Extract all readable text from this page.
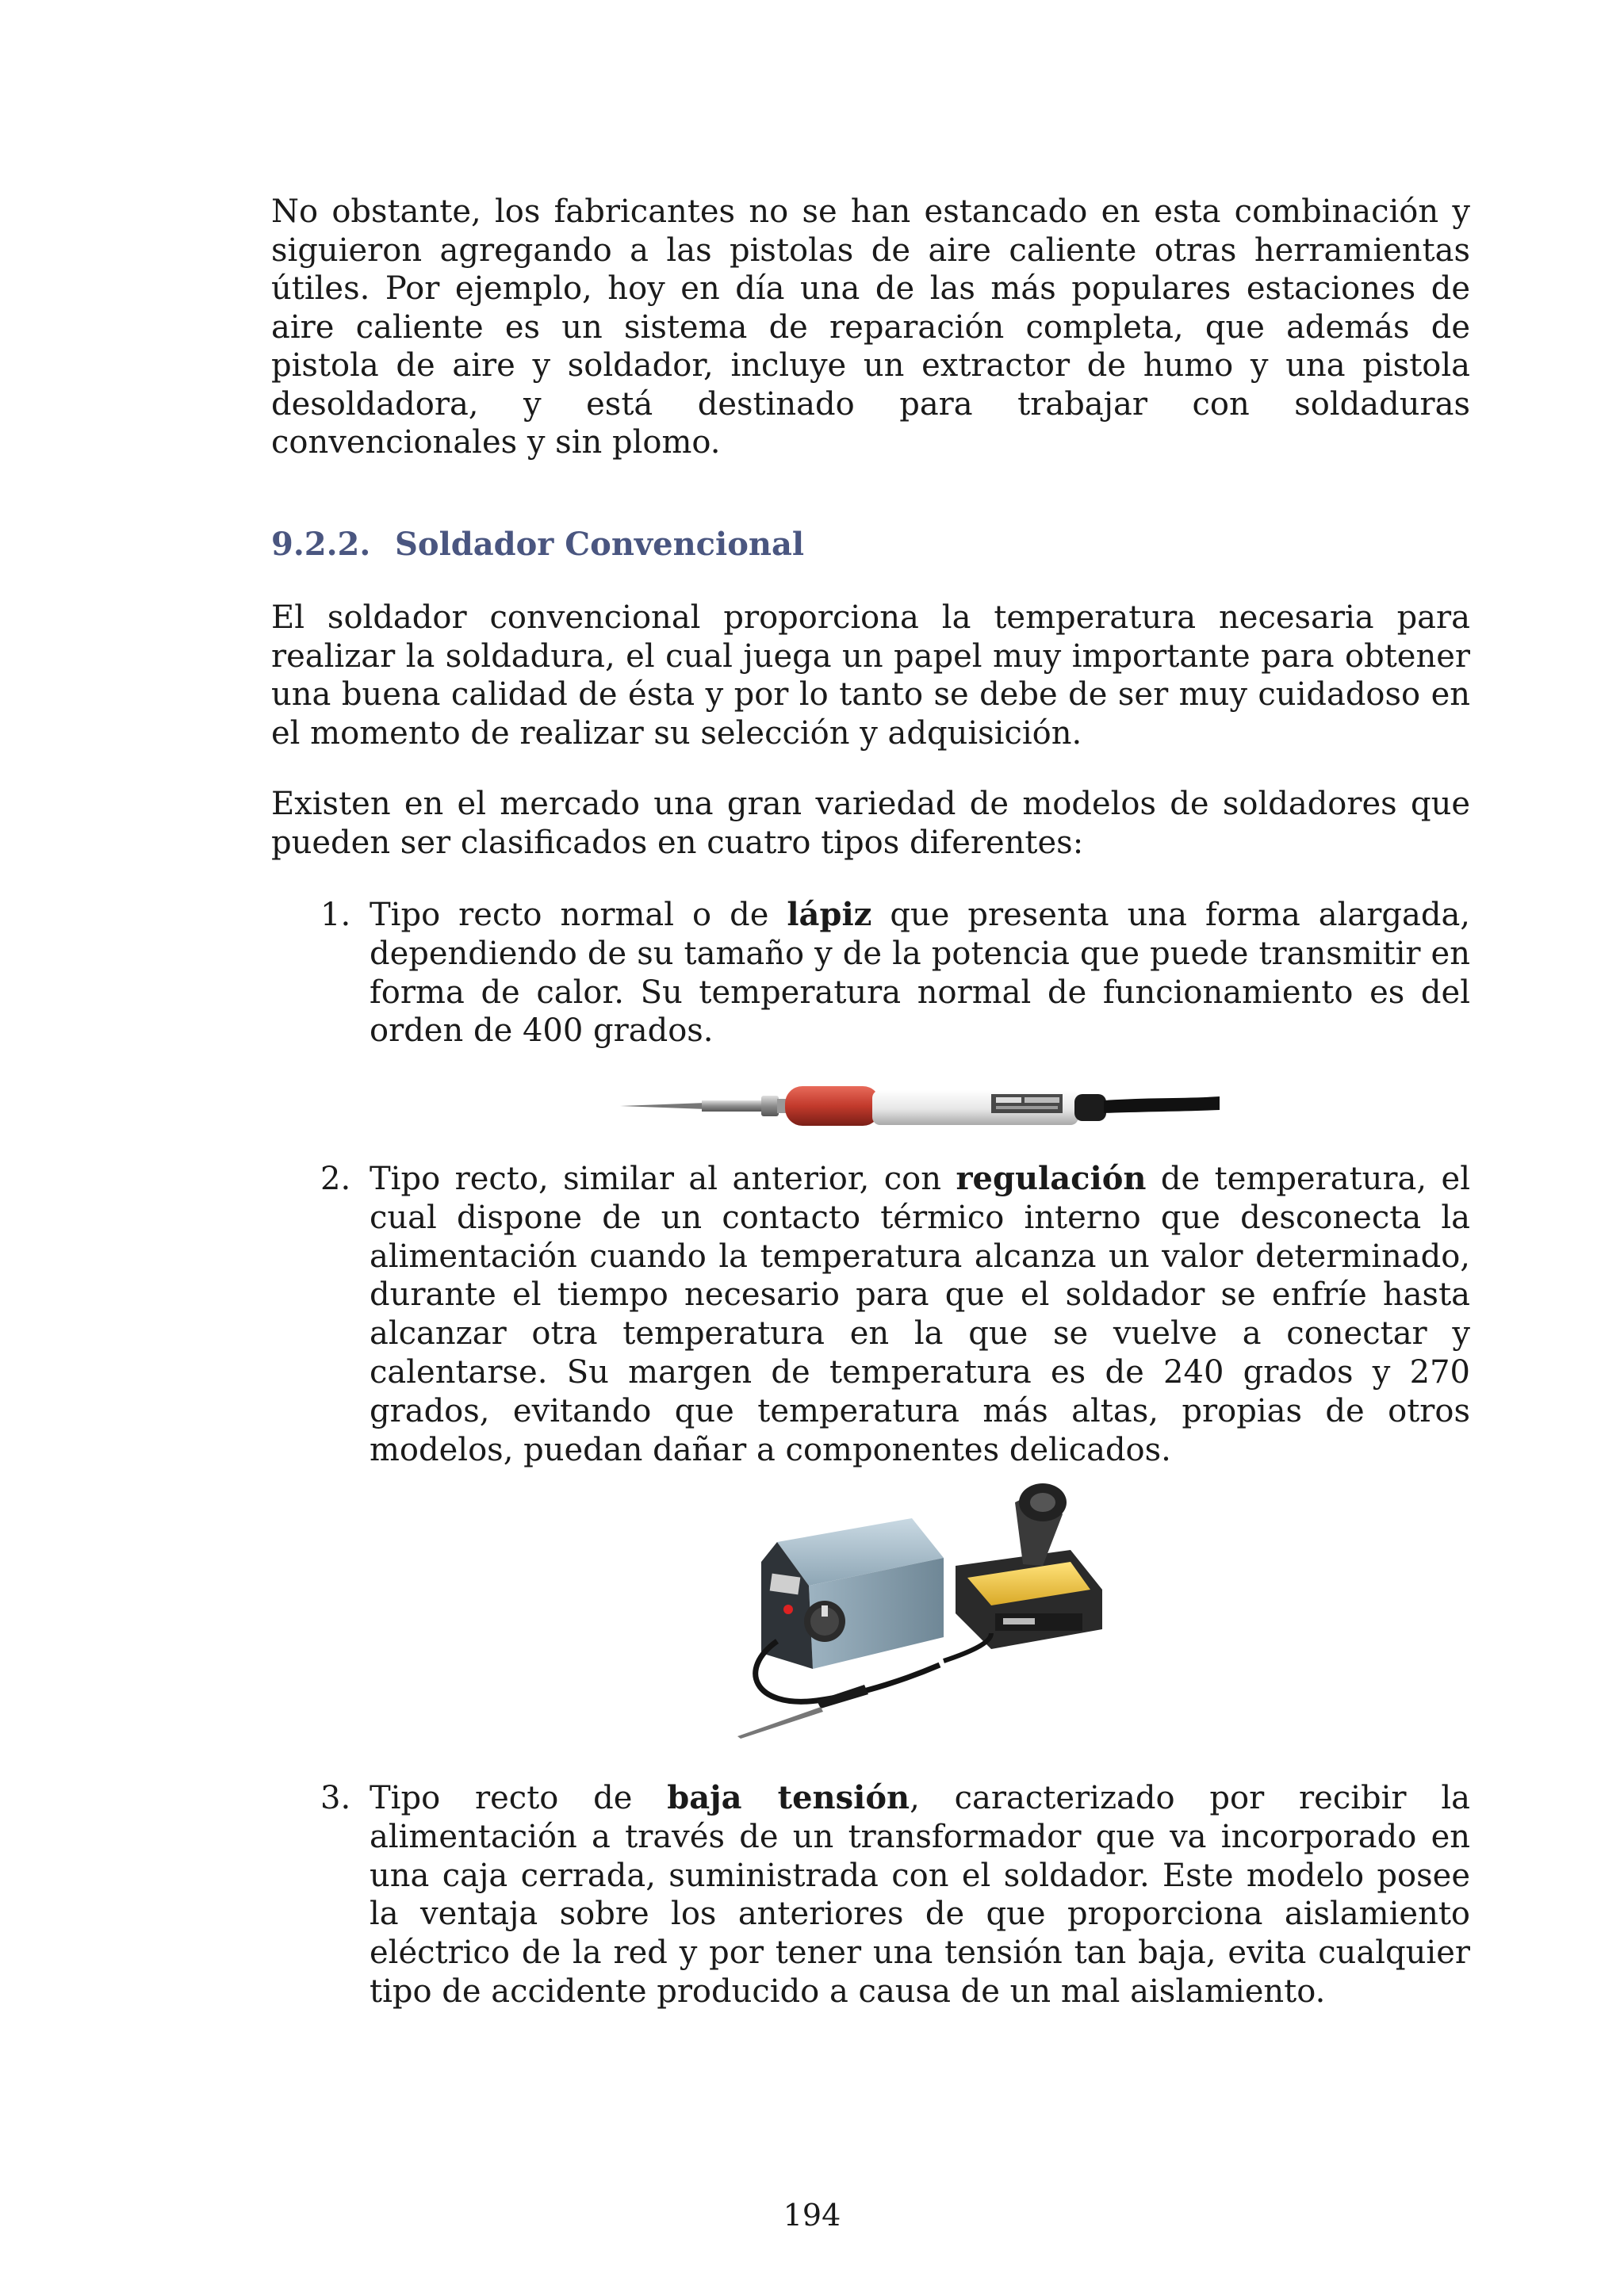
No obstante, los fabricantes no se han estancado en esta combinación y siguieron agregando a las pistolas de aire caliente otras herramientas útiles. Por ejemplo, hoy en día una de las más populares estaciones de aire caliente es un sistema de reparación completa, que además de pistola de aire y soldador, incluye un extractor de humo y una pistola desoldadora, y está destinado para trabajar con soldaduras convencionales y sin plomo.

9.2.2. Soldador Convencional

El soldador convencional proporciona la temperatura necesaria para realizar la soldadura, el cual juega un papel muy importante para obtener una buena calidad de ésta y por lo tanto se debe de ser muy cuidadoso en el momento de realizar su selección y adquisición.

Existen en el mercado una gran variedad de modelos de soldadores que pueden ser clasificados en cuatro tipos diferentes:

1. Tipo recto normal o de lápiz que presenta una forma alargada, dependiendo de su tamaño y de la potencia que puede transmitir en forma de calor. Su temperatura normal de funcionamiento es del orden de 400 grados.
2. Tipo recto, similar al anterior, con regulación de temperatura, el cual dispone de un contacto térmico interno que desconecta la alimentación cuando la temperatura alcanza un valor determinado, durante el tiempo necesario para que el soldador se enfríe hasta alcanzar otra temperatura en la que se vuelve a conectar y calentarse. Su margen de temperatura es de 240 grados y 270 grados, evitando que temperatura más altas, propias de otros modelos, puedan dañar a componentes delicados.
3. Tipo recto de baja tensión, caracterizado por recibir la alimentación a través de un transformador que va incorporado en una caja cerrada, suministrada con el soldador. Este modelo posee la ventaja sobre los anteriores de que proporciona aislamiento eléctrico de la red y por tener una tensión tan baja, evita cualquier tipo de accidente producido a causa de un mal aislamiento.

194
